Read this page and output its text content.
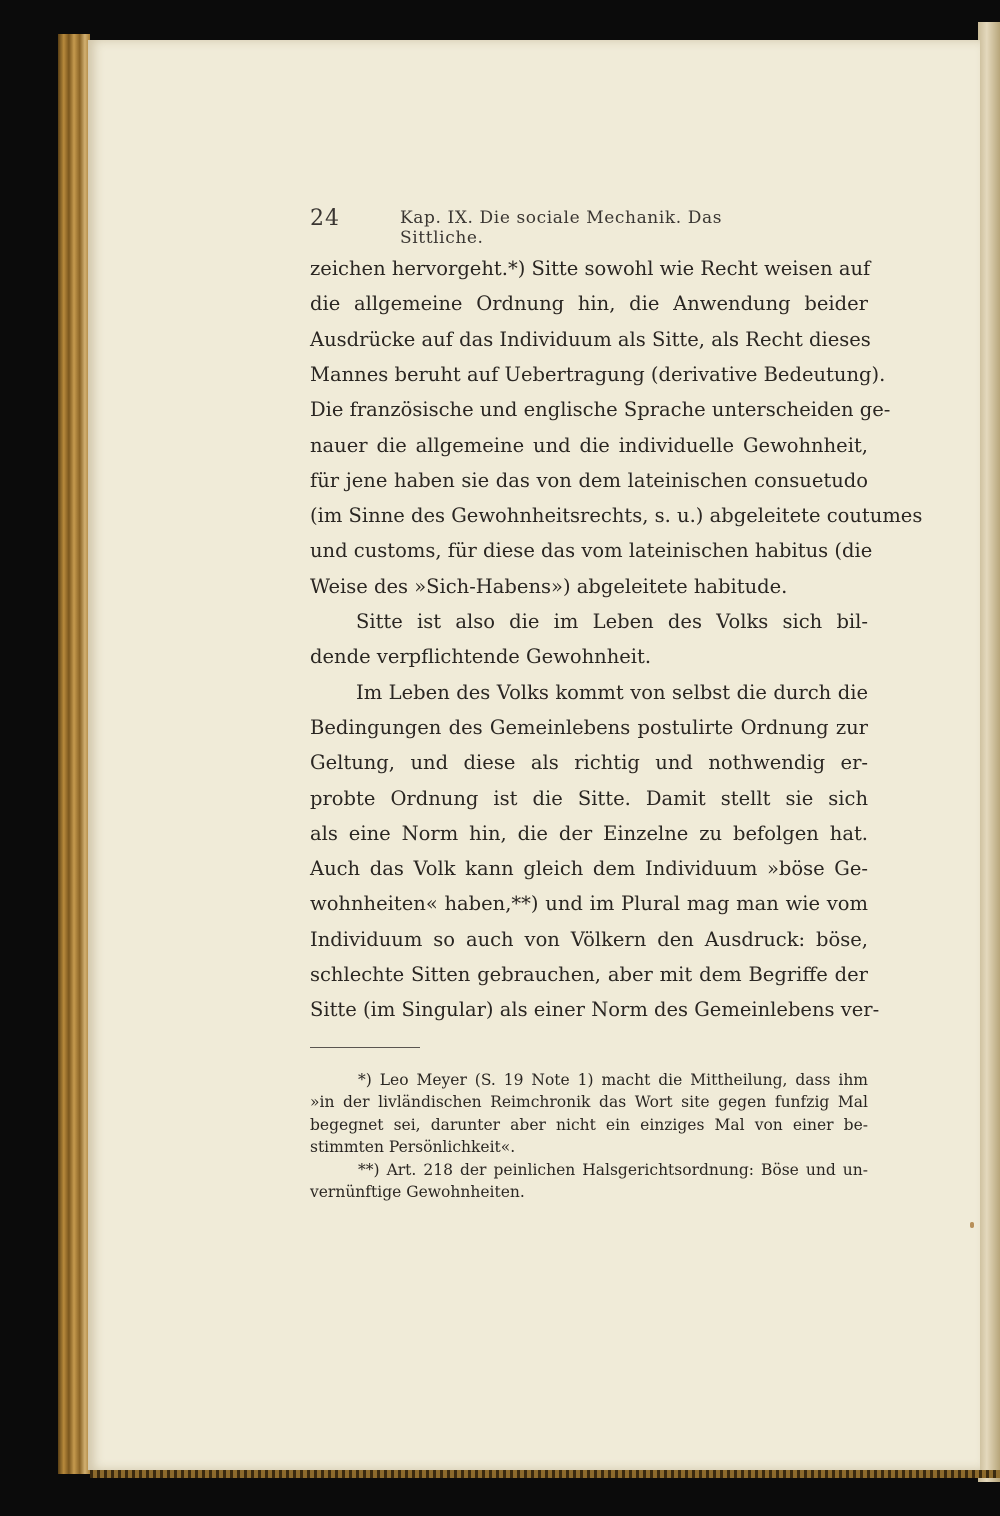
24	Kap. IX. Die sociale Mechanik. Das Sittliche.
zeichen hervorgeht.*) Sitte sowohl wie Recht weisen auf
die allgemeine Ordnung hin, die Anwendung beider
Ausdrücke auf das Individuum als Sitte, als Recht dieses
Mannes beruht auf Uebertragung (derivative Bedeutung).
Die französische und englische Sprache unterscheiden ge-
nauer die allgemeine und die individuelle Gewohnheit,
für jene haben sie das von dem lateinischen consuetudo
(im Sinne des Gewohnheitsrechts, s. u.) abgeleitete coutumes
und customs, für diese das vom lateinischen habitus (die
Weise des »Sich-Habens») abgeleitete habitude.
Sitte ist also die im Leben des Volks sich bil-
dende verpflichtende Gewohnheit.
Im Leben des Volks kommt von selbst die durch die
Bedingungen des Gemeinlebens postulirte Ordnung zur
Geltung, und diese als richtig und nothwendig er-
probte Ordnung ist die Sitte. Damit stellt sie sich
als eine Norm hin, die der Einzelne zu befolgen hat.
Auch das Volk kann gleich dem Individuum »böse Ge-
wohnheiten« haben,**) und im Plural mag man wie vom
Individuum so auch von Völkern den Ausdruck: böse,
schlechte Sitten gebrauchen, aber mit dem Begriffe der
Sitte (im Singular) als einer Norm des Gemeinlebens ver-
*) Leo Meyer (S. 19 Note 1) macht die Mittheilung, dass ihm
»in der livländischen Reimchronik das Wort site gegen funfzig Mal
begegnet sei, darunter aber nicht ein einziges Mal von einer be-
stimmten Persönlichkeit«.
**) Art. 218 der peinlichen Halsgerichtsordnung: Böse und un-
vernünftige Gewohnheiten.
